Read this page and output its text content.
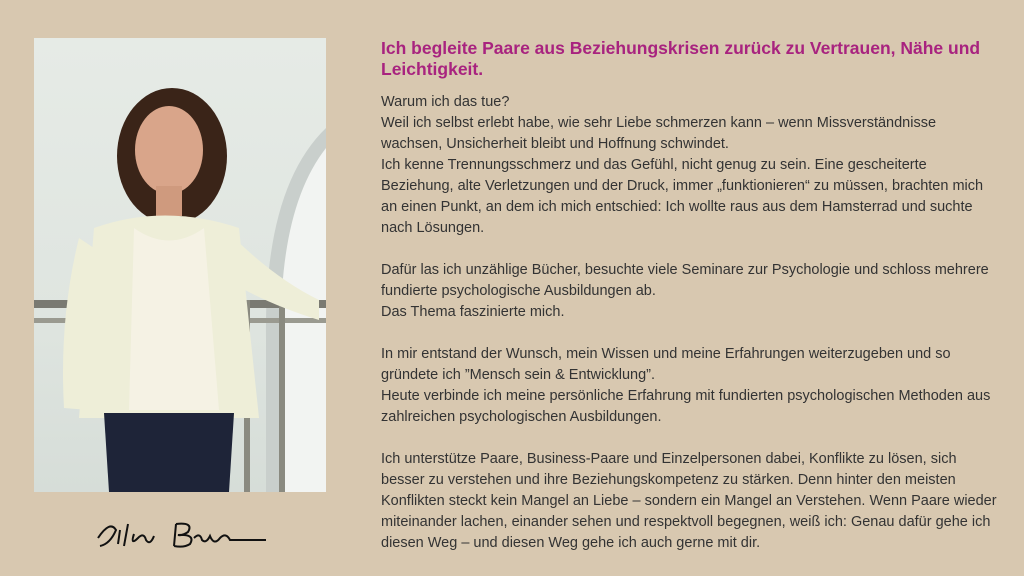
Ich begleite Paare aus Beziehungskrisen zurück zu Vertrauen, Nähe und Leichtigkeit.

Warum ich das tue?

Weil ich selbst erlebt habe, wie sehr Liebe schmerzen kann – wenn Missverständnisse wachsen, Unsicherheit bleibt und Hoffnung schwindet.

Ich kenne Trennungsschmerz und das Gefühl, nicht genug zu sein. Eine gescheiterte Beziehung, alte Verletzungen und der Druck, immer „funktionieren“ zu müssen, brachten mich an einen Punkt, an dem ich mich entschied: Ich wollte raus aus dem Hamsterrad und suchte nach Lösungen.

Dafür las ich unzählige Bücher, besuchte viele Seminare zur Psychologie und schloss mehrere fundierte psychologische Ausbildungen ab.

Das Thema faszinierte mich.

In mir entstand der Wunsch, mein Wissen und meine Erfahrungen weiterzugeben und so gründete ich ”Mensch sein & Entwicklung”.

Heute verbinde ich meine persönliche Erfahrung mit fundierten psychologischen Methoden aus zahlreichen psychologischen Ausbildungen.

Ich unterstütze Paare, Business-Paare und Einzelpersonen dabei, Konflikte zu lösen, sich besser zu verstehen und ihre Beziehungskompetenz zu stärken. Denn hinter den meisten Konflikten steckt kein Mangel an Liebe – sondern ein Mangel an Verstehen. Wenn Paare wieder miteinander lachen, einander sehen und respektvoll begegnen, weiß ich: Genau dafür gehe ich diesen Weg – und diesen Weg gehe ich auch gerne mit dir.
